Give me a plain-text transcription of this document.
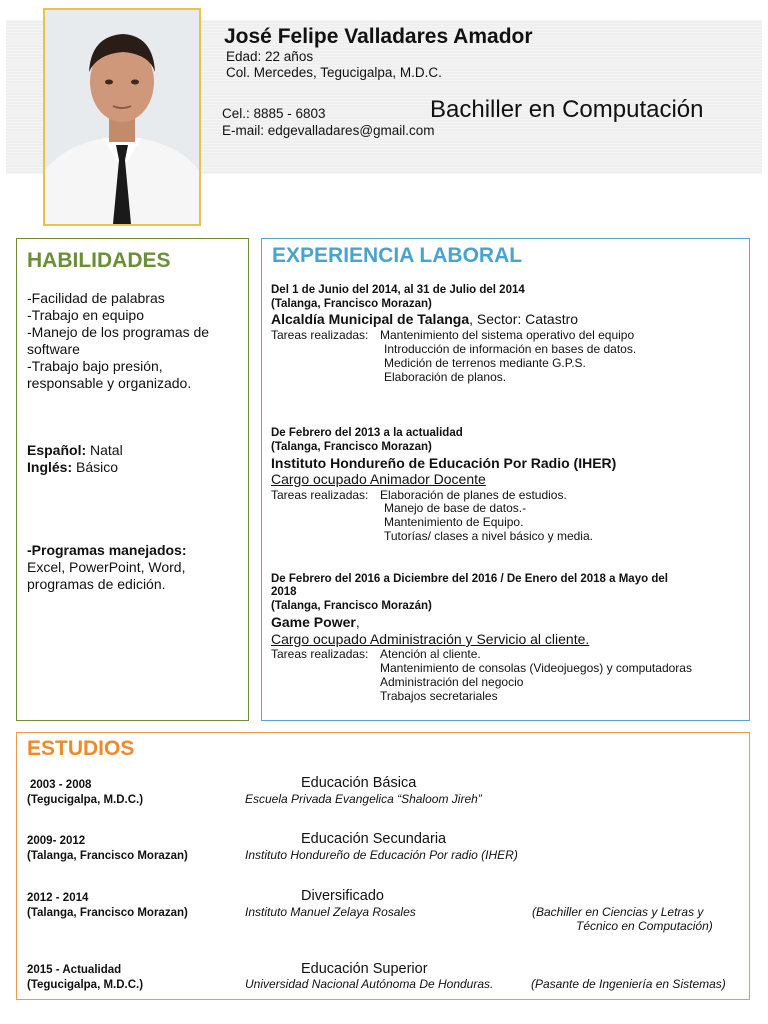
José Felipe Valladares Amador
Edad: 22 años
Col. Mercedes, Tegucigalpa, M.D.C.
Cel.: 8885 - 6803
E-mail: edgevalladares@gmail.com
Bachiller en Computación
HABILIDADES
-Facilidad de palabras
-Trabajo en equipo
-Manejo de los programas de
software
-Trabajo bajo presión,
responsable y organizado.
Español: Natal
Inglés: Básico
-Programas manejados:
Excel, PowerPoint, Word,
programas de edición.
EXPERIENCIA LABORAL
Del 1 de Junio del 2014, al 31 de Julio del 2014
(Talanga, Francisco Morazan)
Alcaldía Municipal de Talanga, Sector: Catastro
Tareas realizadas: Mantenimiento del sistema operativo del equipo
Introducción de información en bases de datos.
Medición de terrenos mediante G.P.S.
Elaboración de planos.
De Febrero del 2013 a la actualidad
(Talanga, Francisco Morazan)
Instituto Hondureño de Educación Por Radio (IHER)
Cargo ocupado Animador Docente
Tareas realizadas: Elaboración de planes de estudios.
Manejo de base de datos.-
Mantenimiento de Equipo.
Tutorías/ clases a nivel básico y media.
De Febrero del 2016 a Diciembre del 2016 / De Enero del 2018 a Mayo del
2018
(Talanga, Francisco Morazán)
Game Power,
Cargo ocupado Administración y Servicio al cliente.
Tareas realizadas: Atención al cliente.
Mantenimiento de consolas (Videojuegos) y computadoras
Administración del negocio
Trabajos secretariales
ESTUDIOS
2003 - 2008
(Tegucigalpa, M.D.C.)
Educación Básica
Escuela Privada Evangelica “Shaloom Jireh”
2009- 2012
(Talanga, Francisco Morazan)
Educación Secundaria
Instituto Hondureño de Educación Por radio (IHER)
2012 - 2014
(Talanga, Francisco Morazan)
Diversificado
Instituto Manuel Zelaya Rosales	(Bachiller en Ciencias y Letras y
Técnico en Computación)
2015 - Actualidad
(Tegucigalpa, M.D.C.)
Educación Superior
Universidad Nacional Autónoma De Honduras.	(Pasante de Ingeniería en Sistemas)
